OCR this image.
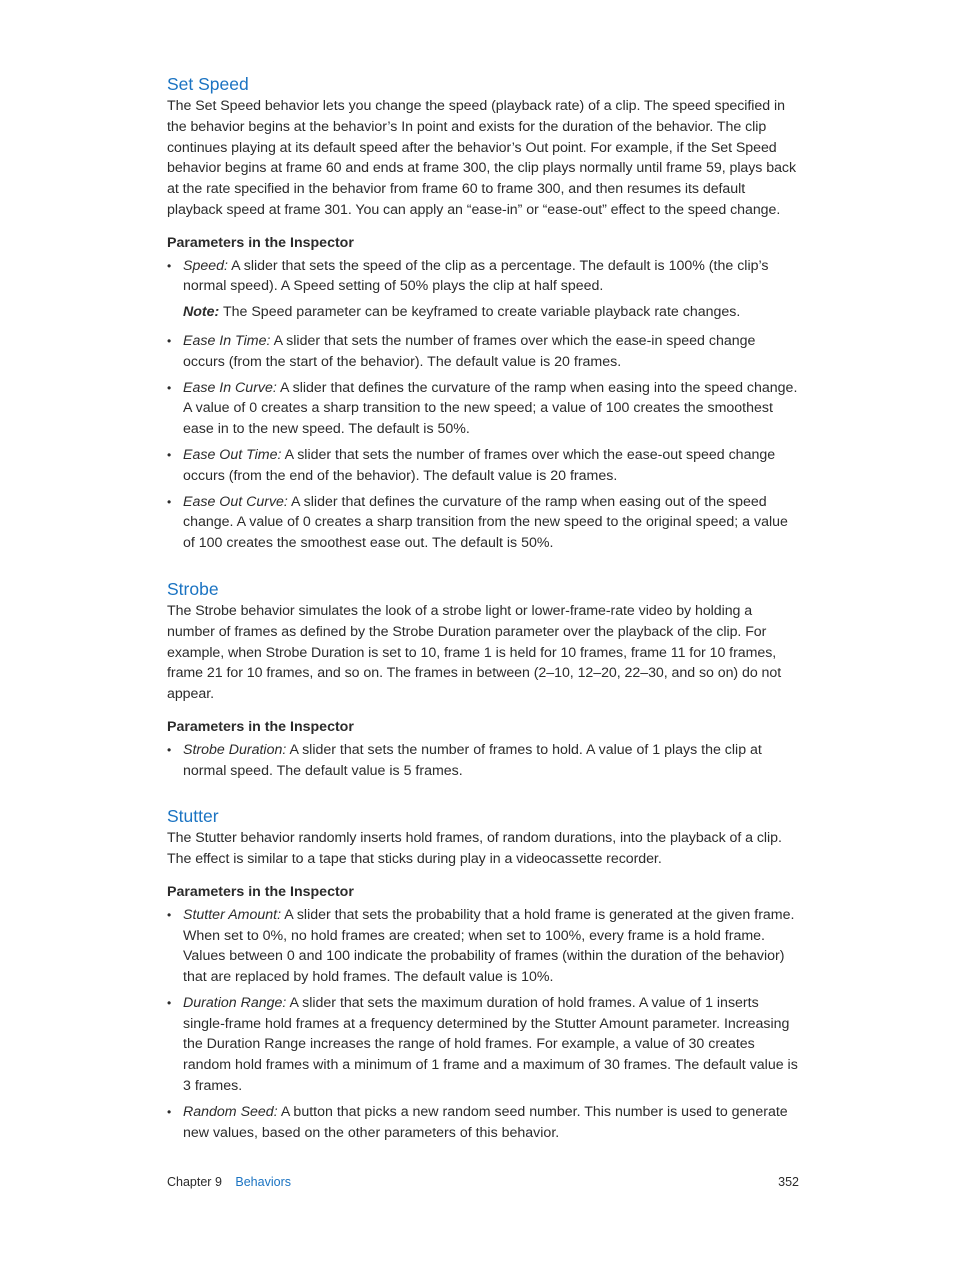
Set Speed

The Set Speed behavior lets you change the speed (playback rate) of a clip. The speed specified in the behavior begins at the behavior’s In point and exists for the duration of the behavior. The clip continues playing at its default speed after the behavior’s Out point. For example, if the Set Speed behavior begins at frame 60 and ends at frame 300, the clip plays normally until frame 59, plays back at the rate specified in the behavior from frame 60 to frame 300, and then resumes its default playback speed at frame 301. You can apply an “ease-in” or “ease-out” effect to the speed change.

Parameters in the Inspector
• Speed: A slider that sets the speed of the clip as a percentage. The default is 100% (the clip’s normal speed). A Speed setting of 50% plays the clip at half speed.
Note: The Speed parameter can be keyframed to create variable playback rate changes.
• Ease In Time: A slider that sets the number of frames over which the ease-in speed change occurs (from the start of the behavior). The default value is 20 frames.
• Ease In Curve: A slider that defines the curvature of the ramp when easing into the speed change. A value of 0 creates a sharp transition to the new speed; a value of 100 creates the smoothest ease in to the new speed. The default is 50%.
• Ease Out Time: A slider that sets the number of frames over which the ease-out speed change occurs (from the end of the behavior). The default value is 20 frames.
• Ease Out Curve: A slider that defines the curvature of the ramp when easing out of the speed change. A value of 0 creates a sharp transition from the new speed to the original speed; a value of 100 creates the smoothest ease out. The default is 50%.
Strobe

The Strobe behavior simulates the look of a strobe light or lower-frame-rate video by holding a number of frames as defined by the Strobe Duration parameter over the playback of the clip. For example, when Strobe Duration is set to 10, frame 1 is held for 10 frames, frame 11 for 10 frames, frame 21 for 10 frames, and so on. The frames in between (2–10, 12–20, 22–30, and so on) do not appear.

Parameters in the Inspector
• Strobe Duration: A slider that sets the number of frames to hold. A value of 1 plays the clip at normal speed. The default value is 5 frames.
Stutter

The Stutter behavior randomly inserts hold frames, of random durations, into the playback of a clip. The effect is similar to a tape that sticks during play in a videocassette recorder.

Parameters in the Inspector
• Stutter Amount: A slider that sets the probability that a hold frame is generated at the given frame. When set to 0%, no hold frames are created; when set to 100%, every frame is a hold frame. Values between 0 and 100 indicate the probability of frames (within the duration of the behavior) that are replaced by hold frames. The default value is 10%.
• Duration Range: A slider that sets the maximum duration of hold frames. A value of 1 inserts single-frame hold frames at a frequency determined by the Stutter Amount parameter. Increasing the Duration Range increases the range of hold frames. For example, a value of 30 creates random hold frames with a minimum of 1 frame and a maximum of 30 frames. The default value is 3 frames.
• Random Seed: A button that picks a new random seed number. This number is used to generate new values, based on the other parameters of this behavior.
Chapter 9 Behaviors	352
